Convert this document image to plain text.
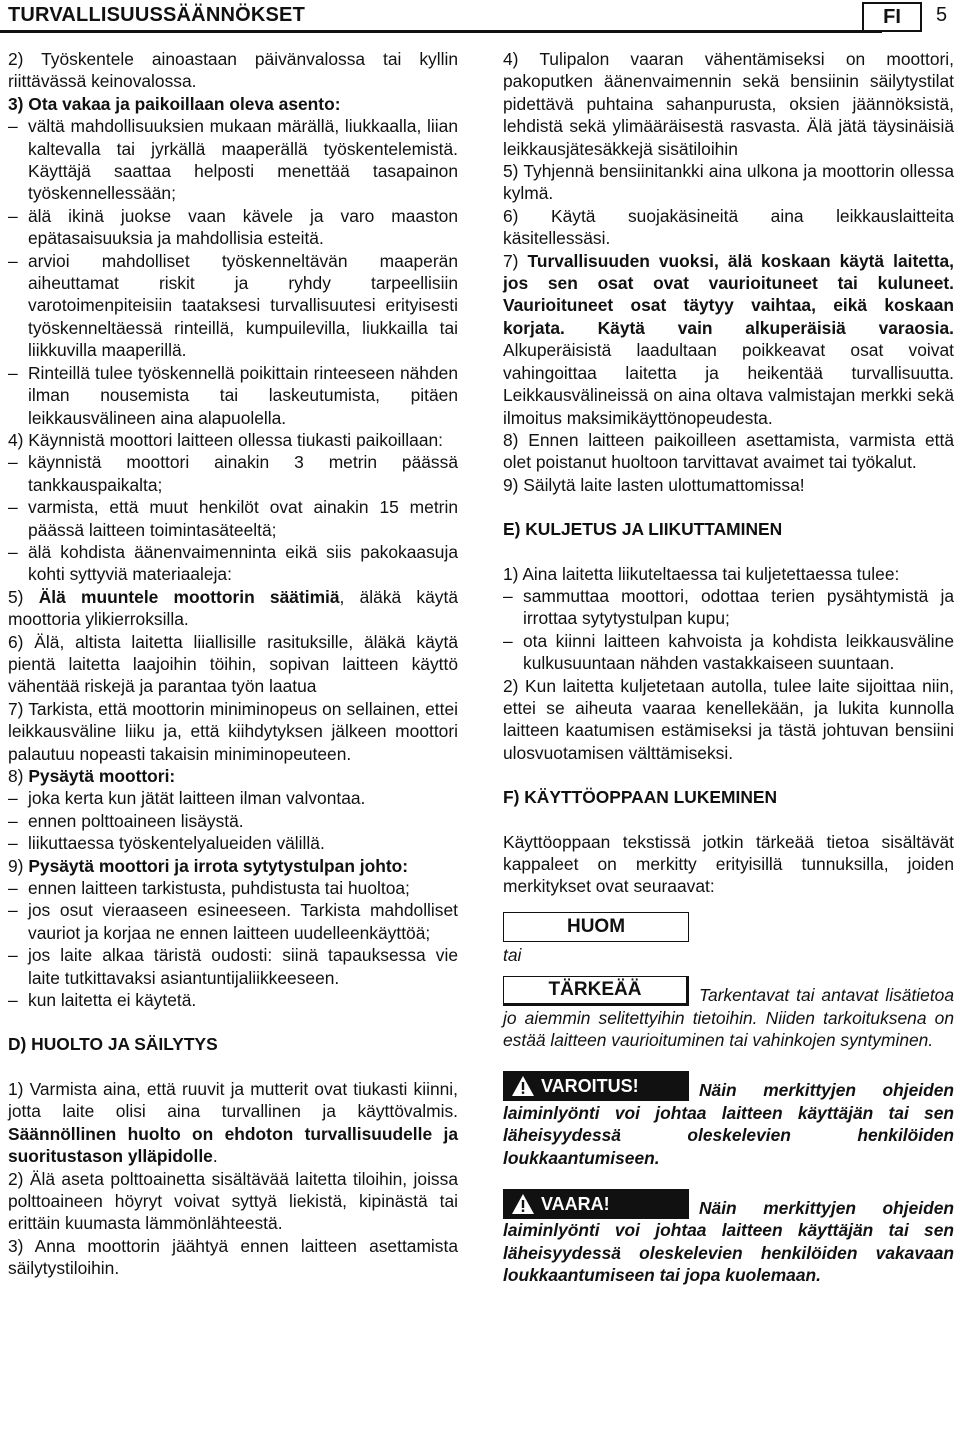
TURVALLISUUSSÄÄNNÖKSET	FI	5

2) Työskentele ainoastaan päivänvalossa tai kyllin riittävässä keinovalossa.

3) Ota vakaa ja paikoillaan oleva asento:

– vältä mahdollisuuksien mukaan märällä, liukkaalla, liian kaltevalla tai jyrkällä maaperällä työskentelemistä. Käyttäjä saattaa helposti menettää tasapainon työskennellessään;

– älä ikinä juokse vaan kävele ja varo maaston epätasaisuuksia ja mahdollisia esteitä.

– arvioi mahdolliset työskenneltävän maaperän aiheuttamat riskit ja ryhdy tarpeellisiin varotoimenpiteisiin taataksesi turvallisuutesi erityisesti työskenneltäessä rinteillä, kumpuilevilla, liukkailla tai liikkuvilla maaperillä.

– Rinteillä tulee työskennellä poikittain rinteeseen nähden ilman nousemista tai laskeutumista, pitäen leikkausvälineen aina alapuolella.

4) Käynnistä moottori laitteen ollessa tiukasti paikoillaan:

– käynnistä moottori ainakin 3 metrin päässä tankkauspaikalta;

– varmista, että muut henkilöt ovat ainakin 15 metrin päässä laitteen toimintasäteeltä;

– älä kohdista äänenvaimenninta eikä siis pakokaasuja kohti syttyviä materiaaleja:

5) Älä muuntele moottorin säätimiä, äläkä käytä moottoria ylikierroksilla.

6) Älä, altista laitetta liiallisille rasituksille, äläkä käytä pientä laitetta laajoihin töihin, sopivan laitteen käyttö vähentää riskejä ja parantaa työn laatua

7) Tarkista, että moottorin miniminopeus on sellainen, ettei leikkausväline liiku ja, että kiihdytyksen jälkeen moottori palautuu nopeasti takaisin miniminopeuteen.

8) Pysäytä moottori:

– joka kerta kun jätät laitteen ilman valvontaa.

– ennen polttoaineen lisäystä.

– liikuttaessa työskentelyalueiden välillä.

9) Pysäytä moottori ja irrota sytytystulpan johto:

– ennen laitteen tarkistusta, puhdistusta tai huoltoa;

– jos osut vieraaseen esineeseen. Tarkista mahdolliset vauriot ja korjaa ne ennen laitteen uudelleenkäyttöä;

– jos laite alkaa täristä oudosti: siinä tapauksessa vie laite tutkittavaksi asiantuntijaliikkeeseen.

– kun laitetta ei käytetä.

D) HUOLTO JA SÄILYTYS

1) Varmista aina, että ruuvit ja mutterit ovat tiukasti kiinni, jotta laite olisi aina turvallinen ja käyttövalmis. Säännöllinen huolto on ehdoton turvallisuudelle ja suoritustason ylläpidolle.

2) Älä aseta polttoainetta sisältävää laitetta tiloihin, joissa polttoaineen höyryt voivat syttyä liekistä, kipinästä tai erittäin kuumasta lämmönlähteestä.

3) Anna moottorin jäähtyä ennen laitteen asettamista säilytystiloihin.

4) Tulipalon vaaran vähentämiseksi on moottori, pakoputken äänenvaimennin sekä bensiinin säilytystilat pidettävä puhtaina sahanpurusta, oksien jäännöksistä, lehdistä sekä ylimääräisestä rasvasta. Älä jätä täysinäisiä leikkausjätesäkkejä sisätiloihin

5) Tyhjennä bensiinitankki aina ulkona ja moottorin ollessa kylmä.

6) Käytä suojakäsineitä aina leikkauslaitteita käsitellessäsi.

7) Turvallisuuden vuoksi, älä koskaan käytä laitetta, jos sen osat ovat vaurioituneet tai kuluneet. Vaurioituneet osat täytyy vaihtaa, eikä koskaan korjata. Käytä vain alkuperäisiä varaosia. Alkuperäisistä laadultaan poikkeavat osat voivat vahingoittaa laitetta ja heikentää turvallisuutta. Leikkausvälineissä on aina oltava valmistajan merkki sekä ilmoitus maksimikäyttönopeudesta.

8) Ennen laitteen paikoilleen asettamista, varmista että olet poistanut huoltoon tarvittavat avaimet tai työkalut.

9) Säilytä laite lasten ulottumattomissa!

E) KULJETUS JA LIIKUTTAMINEN

1) Aina laitetta liikuteltaessa tai kuljetettaessa tulee:

– sammuttaa moottori, odottaa terien pysähtymistä ja irrottaa sytytystulpan kupu;

– ota kiinni laitteen kahvoista ja kohdista leikkausväline kulkusuuntaan nähden vastakkaiseen suuntaan.

2) Kun laitetta kuljetetaan autolla, tulee laite sijoittaa niin, ettei se aiheuta vaaraa kenellekään, ja lukita kunnolla laitteen kaatumisen estämiseksi ja tästä johtuvan bensiini ulosvuotamisen välttämiseksi.

F) KÄYTTÖOPPAAN LUKEMINEN

Käyttöoppaan tekstissä jotkin tärkeää tietoa sisältävät kappaleet on merkitty erityisillä tunnuksilla, joiden merkitykset ovat seuraavat:

HUOM

tai

TÄRKEÄÄ	Tarkentavat tai antavat lisätietoa jo aiemmin selitettyihin tietoihin. Niiden tarkoituksena on estää laitteen vaurioituminen tai vahinkojen syntyminen.

VAROITUS!	Näin merkittyjen ohjeiden laiminlyönti voi johtaa laitteen käyttäjän tai sen läheisyydessä oleskelevien henkilöiden loukkaantumiseen.

VAARA!	Näin merkittyjen ohjeiden laiminlyönti voi johtaa laitteen käyttäjän tai sen läheisyydessä oleskelevien henkilöiden vakavaan loukkaantumiseen tai jopa kuolemaan.
